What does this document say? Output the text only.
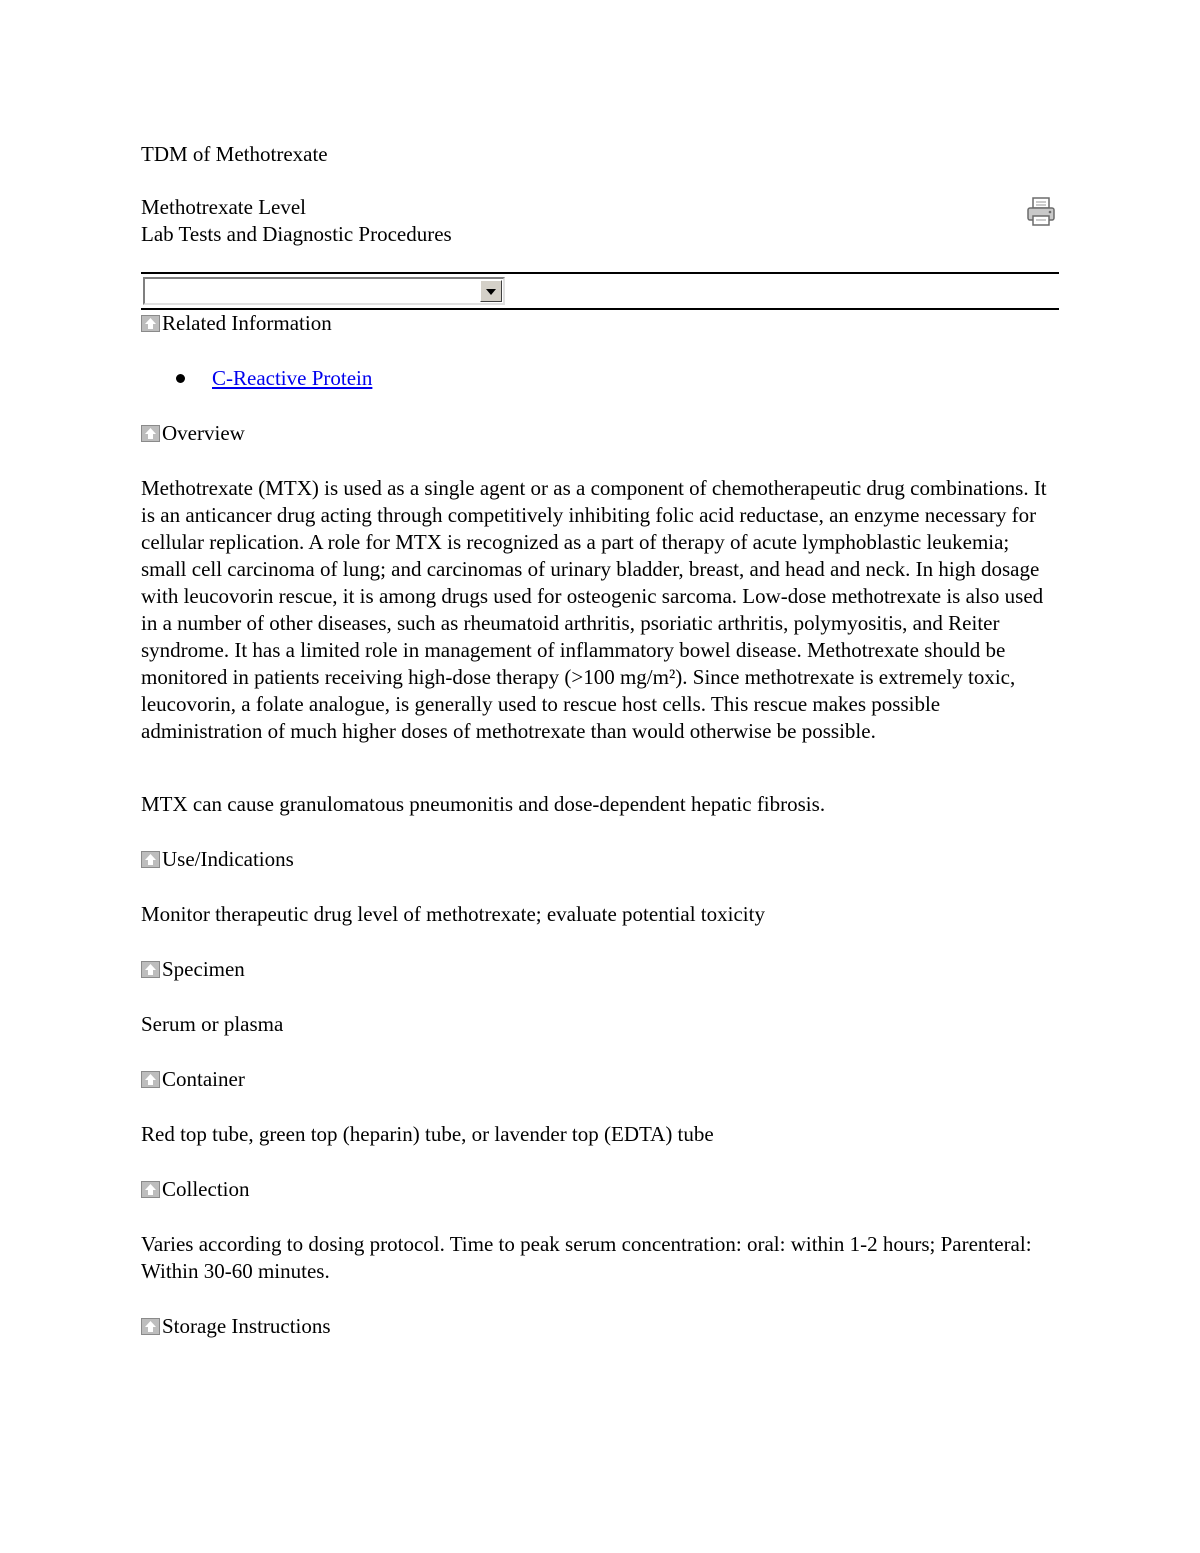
TDM of Methotrexate
Methotrexate Level
Lab Tests and Diagnostic Procedures
Related Information
C-Reactive Protein
Overview
Methotrexate (MTX) is used as a single agent or as a component of chemotherapeutic drug combinations. It is an anticancer drug acting through competitively inhibiting folic acid reductase, an enzyme necessary for cellular replication. A role for MTX is recognized as a part of therapy of acute lymphoblastic leukemia; small cell carcinoma of lung; and carcinomas of urinary bladder, breast, and head and neck. In high dosage with leucovorin rescue, it is among drugs used for osteogenic sarcoma. Low-dose methotrexate is also used in a number of other diseases, such as rheumatoid arthritis, psoriatic arthritis, polymyositis, and Reiter syndrome. It has a limited role in management of inflammatory bowel disease. Methotrexate should be monitored in patients receiving high-dose therapy (>100 mg/m²). Since methotrexate is extremely toxic, leucovorin, a folate analogue, is generally used to rescue host cells. This rescue makes possible administration of much higher doses of methotrexate than would otherwise be possible.
MTX can cause granulomatous pneumonitis and dose-dependent hepatic fibrosis.
Use/Indications
Monitor therapeutic drug level of methotrexate; evaluate potential toxicity
Specimen
Serum or plasma
Container
Red top tube, green top (heparin) tube, or lavender top (EDTA) tube
Collection
Varies according to dosing protocol. Time to peak serum concentration: oral: within 1-2 hours; Parenteral: Within 30-60 minutes.
Storage Instructions
